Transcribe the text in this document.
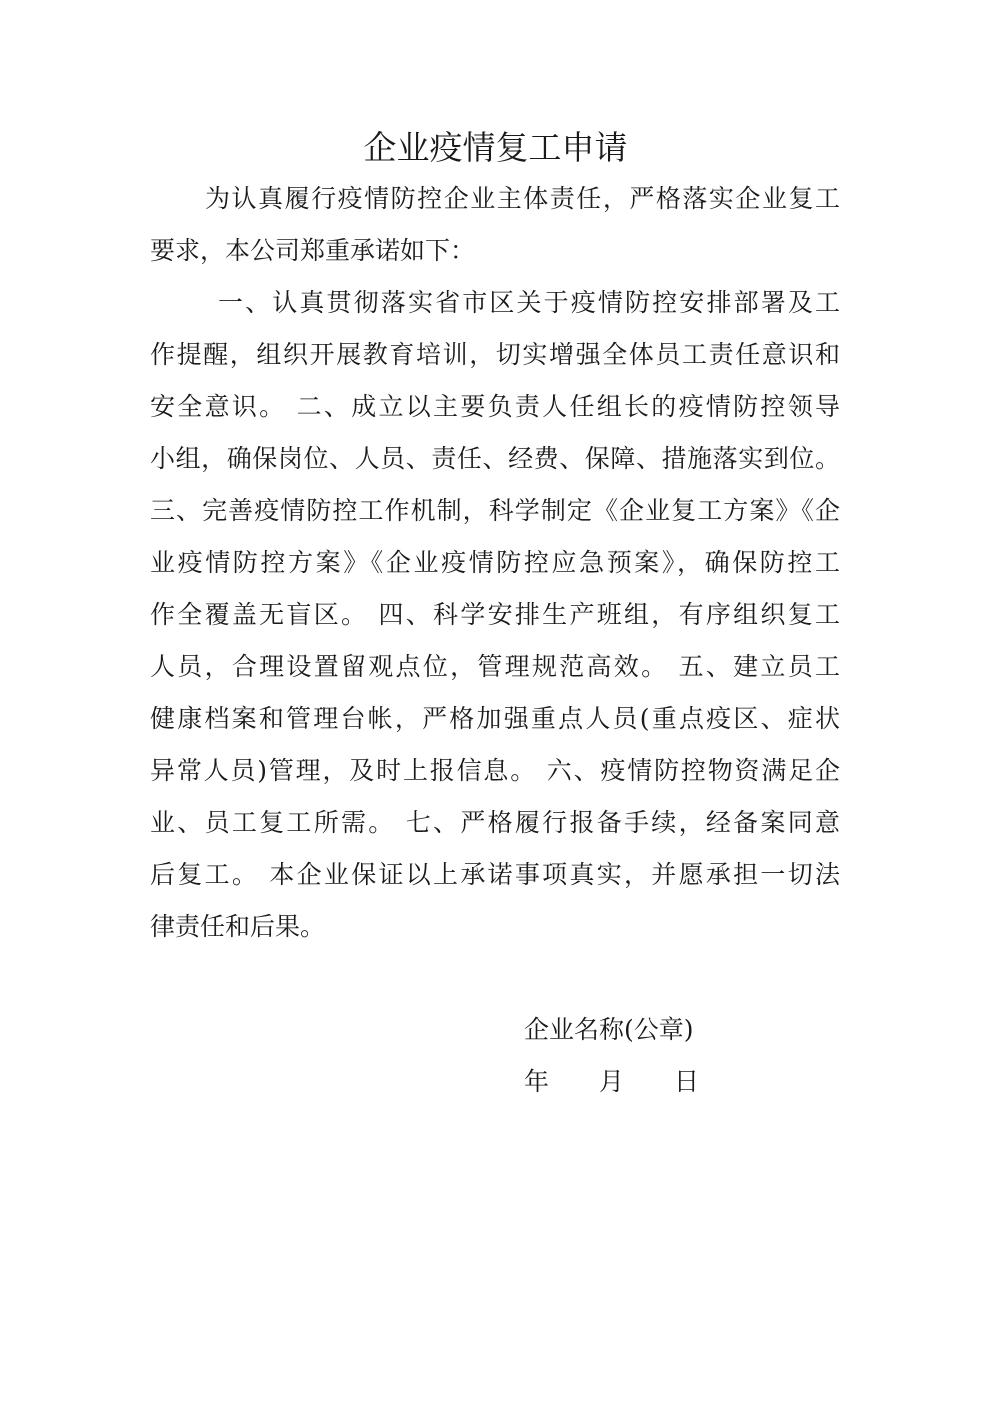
企业疫情复工申请
为认真履行疫情防控企业主体责任，严格落实企业复工
要求，本公司郑重承诺如下：
一、认真贯彻落实省市区关于疫情防控安排部署及工
作提醒，组织开展教育培训，切实增强全体员工责任意识和
安全意识。 二、成立以主要负责人任组长的疫情防控领导
小组，确保岗位、人员、责任、经费、保障、措施落实到位。
三、完善疫情防控工作机制，科学制定《企业复工方案》《企
业疫情防控方案》《企业疫情防控应急预案》，确保防控工
作全覆盖无盲区。 四、科学安排生产班组，有序组织复工
人员，合理设置留观点位，管理规范高效。 五、建立员工
健康档案和管理台帐，严格加强重点人员(重点疫区、症状
异常人员)管理，及时上报信息。 六、疫情防控物资满足企
业、员工复工所需。 七、严格履行报备手续，经备案同意
后复工。 本企业保证以上承诺事项真实，并愿承担一切法
律责任和后果。
企业名称(公章)
年　　月　　日
